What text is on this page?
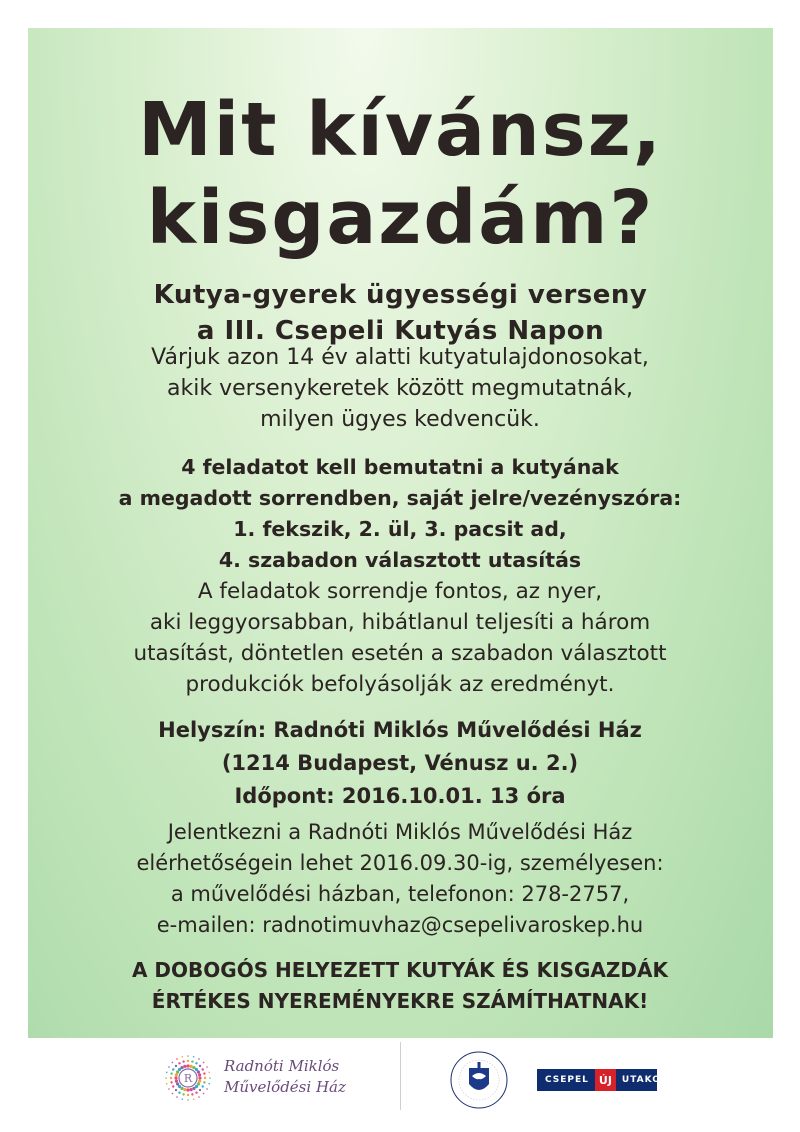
Mit kívánsz,
kisgazdám?
Kutya-gyerek ügyességi verseny
a III. Csepeli Kutyás Napon
Várjuk azon 14 év alatti kutyatulajdonosokat,
akik versenykeretek között megmutatnák,
milyen ügyes kedvencük.
4 feladatot kell bemutatni a kutyának
a megadott sorrendben, saját jelre/vezényszóra:
1. fekszik, 2. ül, 3. pacsit ad,
4. szabadon választott utasítás
A feladatok sorrendje fontos, az nyer,
aki leggyorsabban, hibátlanul teljesíti a három
utasítást, döntetlen esetén a szabadon választott
produkciók befolyásolják az eredményt.
Helyszín: Radnóti Miklós Művelődési Ház
(1214 Budapest, Vénusz u. 2.)
Időpont: 2016.10.01. 13 óra
Jelentkezni a Radnóti Miklós Művelődési Ház
elérhetőségein lehet 2016.09.30-ig, személyesen:
a művelődési házban, telefonon: 278-2757,
e-mailen: radnotimuvhaz@csepelivaroskep.hu
A DOBOGÓS HELYEZETT KUTYÁK ÉS KISGAZDÁK
ÉRTÉKES NYEREMÉNYEKRE SZÁMÍTHATNAK!
R
Radnóti Miklós
Művelődési Ház	CSEPEL ÚJ	UTAKON
